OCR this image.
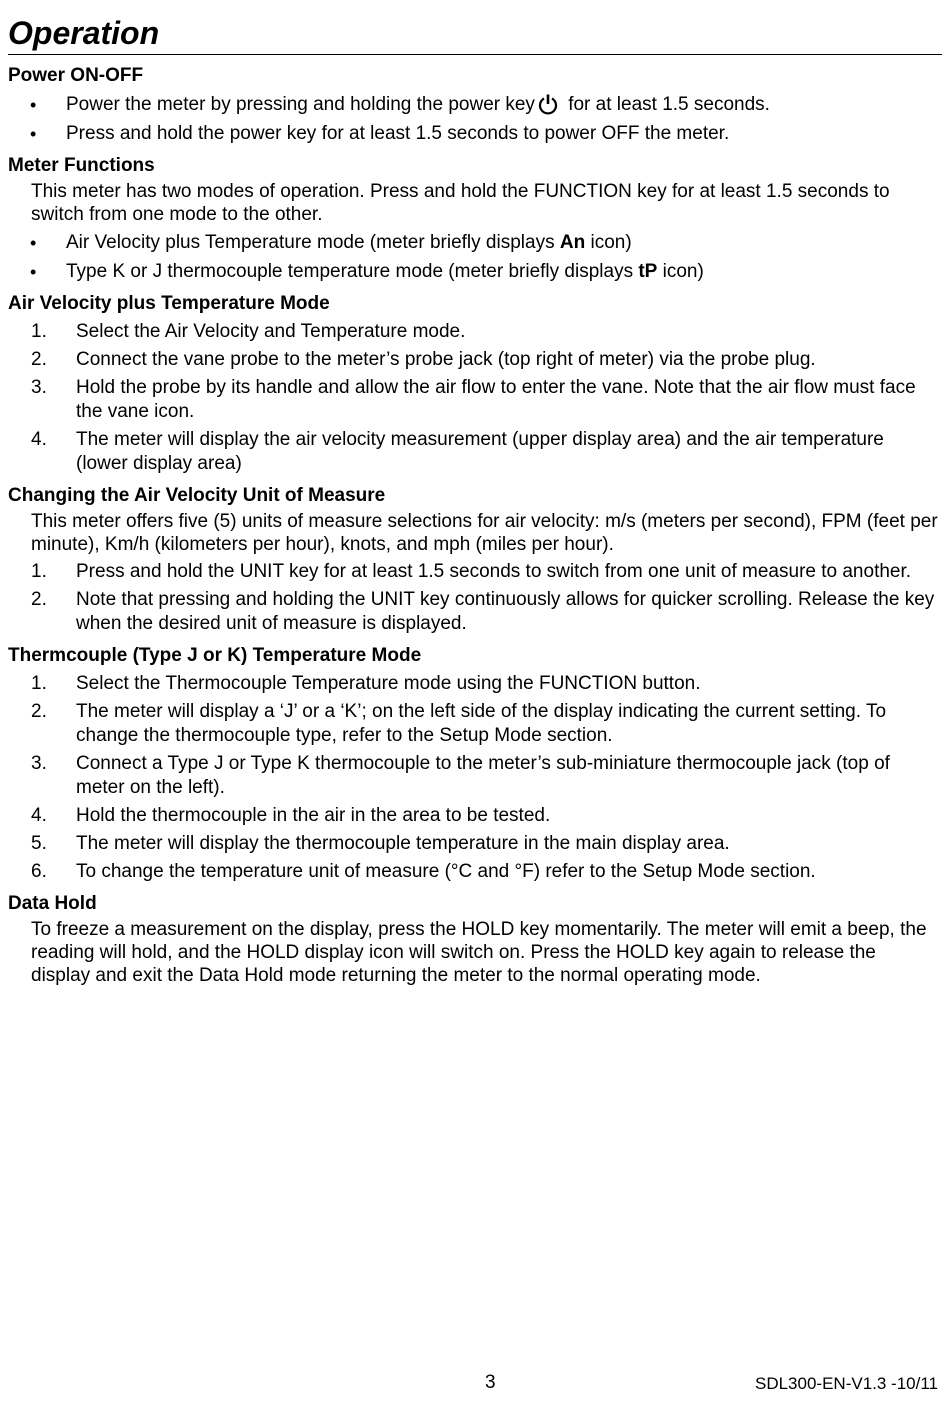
Operation

Power ON-OFF

• Power the meter by pressing and holding the power key for at least 1.5 seconds.
• Press and hold the power key for at least 1.5 seconds to power OFF the meter.

Meter Functions

This meter has two modes of operation. Press and hold the FUNCTION key for at least 1.5 seconds to switch from one mode to the other.

• Air Velocity plus Temperature mode (meter briefly displays An icon)
• Type K or J thermocouple temperature mode (meter briefly displays tP icon)

Air Velocity plus Temperature Mode

1. Select the Air Velocity and Temperature mode.
2. Connect the vane probe to the meter’s probe jack (top right of meter) via the probe plug.
3. Hold the probe by its handle and allow the air flow to enter the vane. Note that the air flow must face the vane icon.
4. The meter will display the air velocity measurement (upper display area) and the air temperature (lower display area)

Changing the Air Velocity Unit of Measure

This meter offers five (5) units of measure selections for air velocity: m/s (meters per second), FPM (feet per minute), Km/h (kilometers per hour), knots, and mph (miles per hour).

1. Press and hold the UNIT key for at least 1.5 seconds to switch from one unit of measure to another.
2. Note that pressing and holding the UNIT key continuously allows for quicker scrolling. Release the key when the desired unit of measure is displayed.

Thermcouple (Type J or K) Temperature Mode

1. Select the Thermocouple Temperature mode using the FUNCTION button.
2. The meter will display a ‘J’ or a ‘K’; on the left side of the display indicating the current setting. To change the thermocouple type, refer to the Setup Mode section.
3. Connect a Type J or Type K thermocouple to the meter’s sub-miniature thermocouple jack (top of meter on the left).
4. Hold the thermocouple in the air in the area to be tested.
5. The meter will display the thermocouple temperature in the main display area.
6. To change the temperature unit of measure (°C and °F) refer to the Setup Mode section.

Data Hold

To freeze a measurement on the display, press the HOLD key momentarily. The meter will emit a beep, the reading will hold, and the HOLD display icon will switch on. Press the HOLD key again to release the display and exit the Data Hold mode returning the meter to the normal operating mode.

3	SDL300-EN-V1.3 -10/11
